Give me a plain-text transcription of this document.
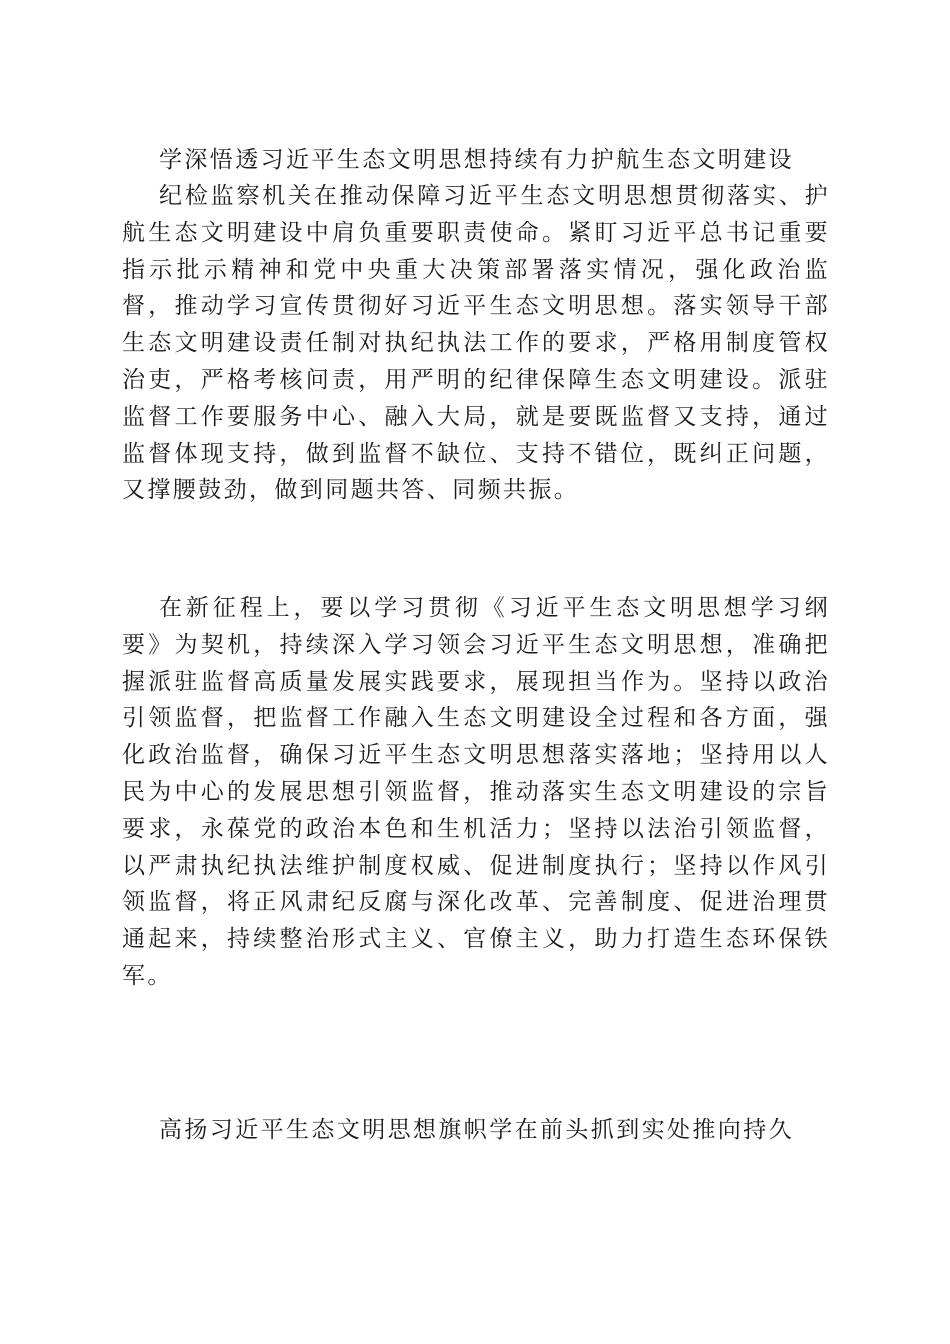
学深悟透习近平生态文明思想持续有力护航生态文明建设

纪检监察机关在推动保障习近平生态文明思想贯彻落实、护航生态文明建设中肩负重要职责使命。紧盯习近平总书记重要指示批示精神和党中央重大决策部署落实情况，强化政治监督，推动学习宣传贯彻好习近平生态文明思想。落实领导干部生态文明建设责任制对执纪执法工作的要求，严格用制度管权治吏，严格考核问责，用严明的纪律保障生态文明建设。派驻监督工作要服务中心、融入大局，就是要既监督又支持，通过监督体现支持，做到监督不缺位、支持不错位，既纠正问题，又撑腰鼓劲，做到同题共答、同频共振。

在新征程上，要以学习贯彻《习近平生态文明思想学习纲要》为契机，持续深入学习领会习近平生态文明思想，准确把握派驻监督高质量发展实践要求，展现担当作为。坚持以政治引领监督，把监督工作融入生态文明建设全过程和各方面，强化政治监督，确保习近平生态文明思想落实落地；坚持用以人民为中心的发展思想引领监督，推动落实生态文明建设的宗旨要求，永葆党的政治本色和生机活力；坚持以法治引领监督，以严肃执纪执法维护制度权威、促进制度执行；坚持以作风引领监督，将正风肃纪反腐与深化改革、完善制度、促进治理贯通起来，持续整治形式主义、官僚主义，助力打造生态环保铁军。

高扬习近平生态文明思想旗帜学在前头抓到实处推向持久
